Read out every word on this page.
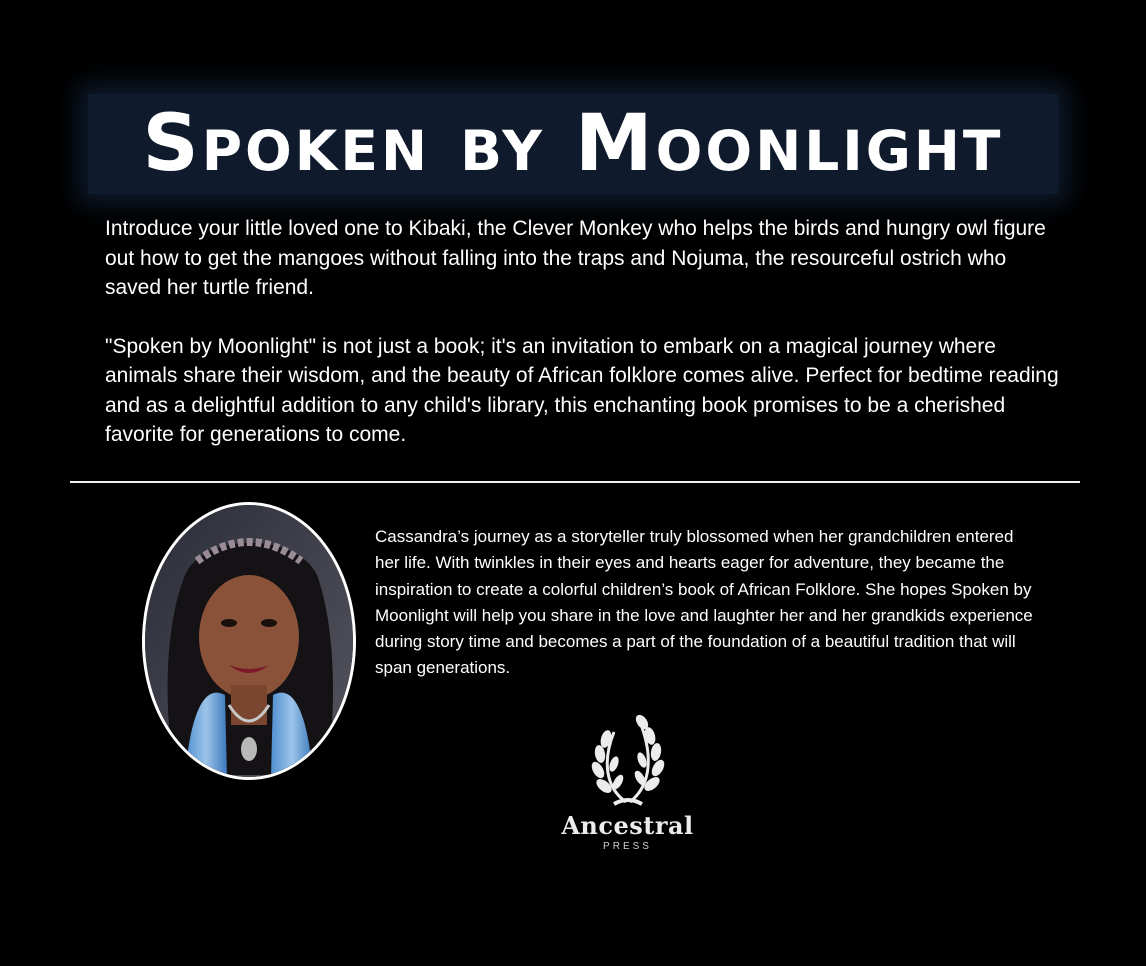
Spoken by Moonlight

Introduce your little loved one to Kibaki, the Clever Monkey who helps the birds and hungry owl figure out how to get the mangoes without falling into the traps and Nojuma, the resourceful ostrich who saved her turtle friend.

"Spoken by Moonlight" is not just a book; it's an invitation to embark on a magical journey where animals share their wisdom, and the beauty of African folklore comes alive. Perfect for bedtime reading and as a delightful addition to any child's library, this enchanting book promises to be a cherished favorite for generations to come.

Cassandra’s journey as a storyteller truly blossomed when her grandchildren entered her life. With twinkles in their eyes and hearts eager for adventure, they became the inspiration to create a colorful children’s book of African Folklore. She hopes Spoken by Moonlight will help you share in the love and laughter her and her grandkids experience during story time and becomes a part of the foundation of a beautiful tradition that will span generations.

Ancestral
PRESS
